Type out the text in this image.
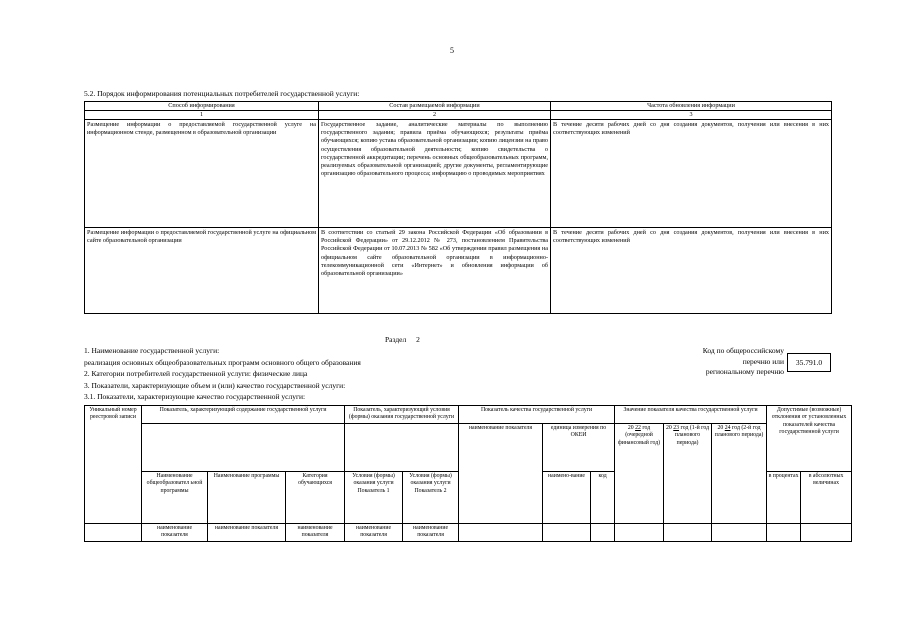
5
5.2. Порядок информирования потенциальных потребителей государственной услуги:
Способ информирования	Состав размещаемой информации	Частота обновления информации
1	2	3
Размещение информации о предоставляемой государственной услуге на информационном стенде, размещенном в образовательной организации	Государственное задание, аналитические материалы по выполнению государственного задания; правила приёма обучающихся; результаты приёма обучающихся; копию устава образовательной организации; копию лицензии на право осуществления образовательной деятельности; копию свидетельства о государственной аккредитации; перечень основных общеобразовательных программ, реализуемых образовательной организацией; другие документы, регламентирующие организацию образовательного процесса; информацию о проводимых мероприятиях	В течение десяти рабочих дней со дня создания документов, получения или внесения в них соответствующих изменений
Размещение информации о предоставляемой государственной услуге на официальном сайте образовательной организации	В соответствии со статьей 29 закона Российской Федерации «Об образовании в Российской Федерации» от 29.12.2012 № 273, постановлением Правительства Российской Федерации от 10.07.2013 № 582 «Об утверждении правил размещения на официальном сайте образовательной организации в информационно-телекоммуникационной сети «Интернет» и обновления информации об образовательной организации»	В течение десяти рабочих дней со дня создания документов, получения или внесения в них соответствующих изменений
Раздел 2
1. Наименование государственной услуги:
реализация основных общеобразовательных программ основного общего образования
2. Категории потребителей государственной услуги: физические лица
3. Показатели, характеризующие объем и (или) качество государственной услуги:
3.1. Показатели, характеризующие качество государственной услуги:
Код по общероссийскому
перечню или
региональному перечню
35.791.0
Уникальный номер реестровой записи	Показатель, характеризующий содержание государственной услуги			Показатель, характеризующий условия (формы) оказания государственной услуги		Показатель качества государственной услуги			Значение показателя качества государственной услуги			Допустимые (возможные) отклонения от установленных показателей качества государственной услуги	
						наименование показателя	единица измерения по ОКЕИ		20 22 год (очередной финансовый год)	20 23 год (1-й год планового периода)	20 24 год (2-й год планового периода)		
	Наименование общеобразовател ьной программы	Наименование программы	Категория обучающихся	Условия (формы) оказания услуги Показатель 1	Условия (формы) оказания услуги Показатель 2		наимено-вание	код				в процентах	в абсолютных величинах
	наименование показателя	наименование показателя	наименование показателя	наименование показателя	наименование показателя								
